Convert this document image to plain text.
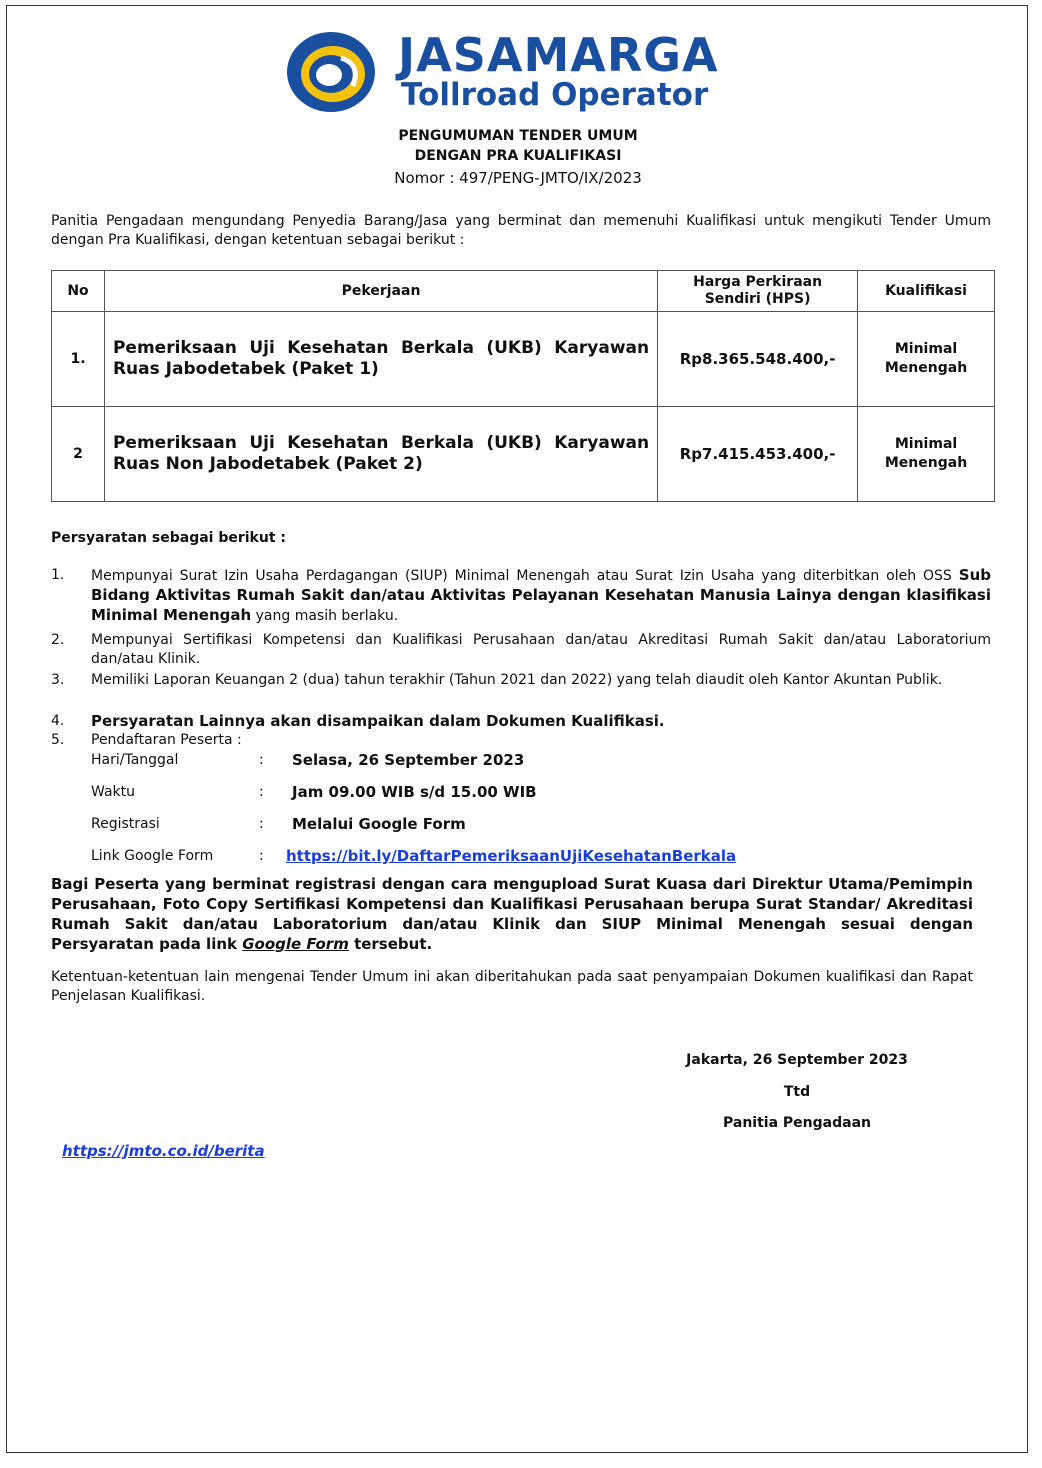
JASAMARGA
Tollroad Operator
PENGUMUMAN TENDER UMUM
DENGAN PRA KUALIFIKASI
Nomor : 497/PENG-JMTO/IX/2023
Panitia Pengadaan mengundang Penyedia Barang/Jasa yang berminat dan memenuhi Kualifikasi untuk mengikuti Tender Umum dengan Pra Kualifikasi, dengan ketentuan sebagai berikut :
No	Pekerjaan	Harga Perkiraan Sendiri (HPS)	Kualifikasi
1.	Pemeriksaan Uji Kesehatan Berkala (UKB) Karyawan Ruas Jabodetabek (Paket 1)	Rp8.365.548.400,-	Minimal Menengah
2	Pemeriksaan Uji Kesehatan Berkala (UKB) Karyawan Ruas Non Jabodetabek (Paket 2)	Rp7.415.453.400,-	Minimal Menengah
Persyaratan sebagai berikut :
1. Mempunyai Surat Izin Usaha Perdagangan (SIUP) Minimal Menengah atau Surat Izin Usaha yang diterbitkan oleh OSS Sub Bidang Aktivitas Rumah Sakit dan/atau Aktivitas Pelayanan Kesehatan Manusia Lainya dengan klasifikasi Minimal Menengah yang masih berlaku.
2. Mempunyai Sertifikasi Kompetensi dan Kualifikasi Perusahaan dan/atau Akreditasi Rumah Sakit dan/atau Laboratorium dan/atau Klinik.
3. Memiliki Laporan Keuangan 2 (dua) tahun terakhir (Tahun 2021 dan 2022) yang telah diaudit oleh Kantor Akuntan Publik.
4. Persyaratan Lainnya akan disampaikan dalam Dokumen Kualifikasi.
5. Pendaftaran Peserta :
Hari/Tanggal	: Selasa, 26 September 2023
Waktu	: Jam 09.00 WIB s/d 15.00 WIB
Registrasi	: Melalui Google Form
Link Google Form	: https://bit.ly/DaftarPemeriksaanUjiKesehatanBerkala
Bagi Peserta yang berminat registrasi dengan cara mengupload Surat Kuasa dari Direktur Utama/Pemimpin Perusahaan, Foto Copy Sertifikasi Kompetensi dan Kualifikasi Perusahaan berupa Surat Standar/ Akreditasi Rumah Sakit dan/atau Laboratorium dan/atau Klinik dan SIUP Minimal Menengah sesuai dengan Persyaratan pada link Google Form tersebut.
Ketentuan-ketentuan lain mengenai Tender Umum ini akan diberitahukan pada saat penyampaian Dokumen kualifikasi dan Rapat Penjelasan Kualifikasi.
Jakarta, 26 September 2023
Ttd
Panitia Pengadaan
https://jmto.co.id/berita
